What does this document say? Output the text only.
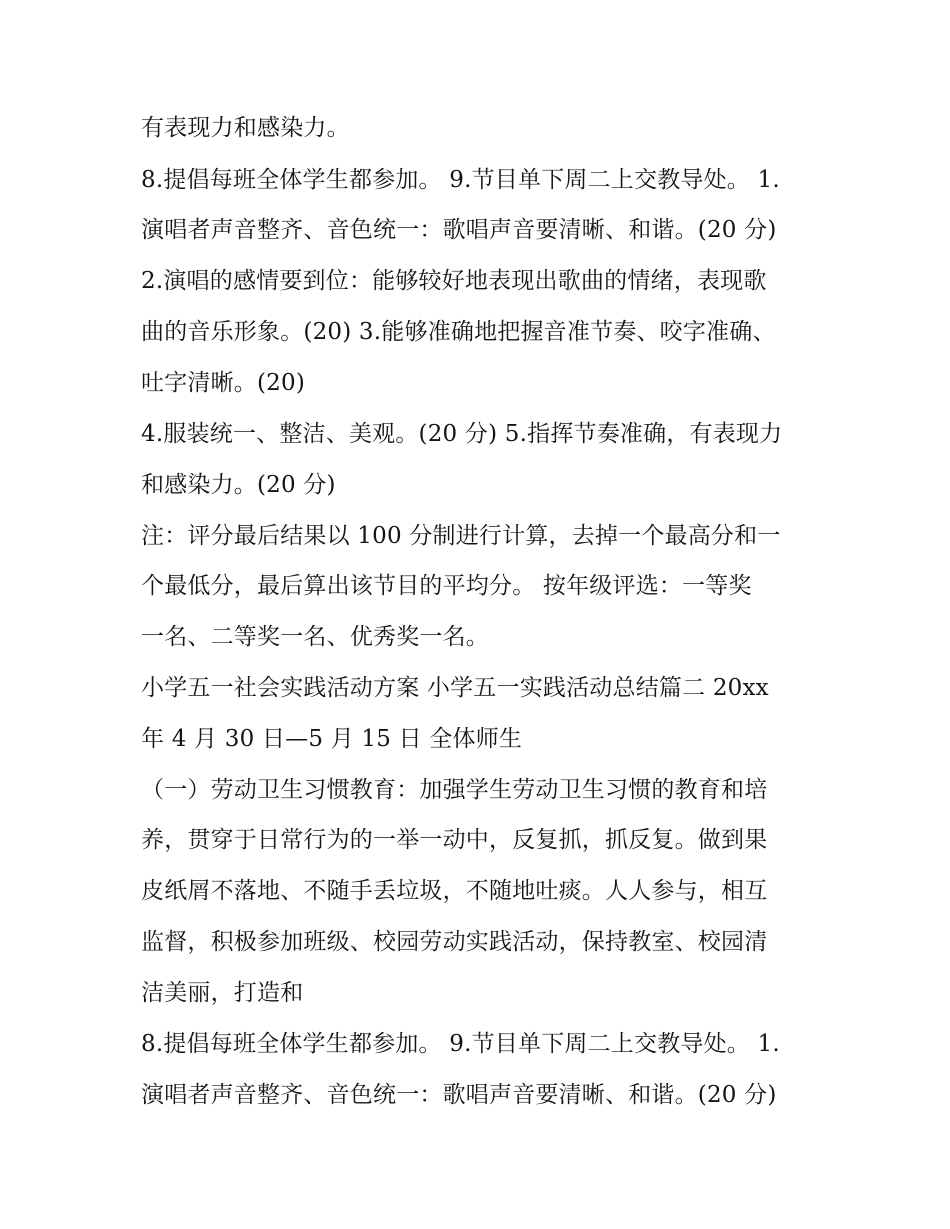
有表现力和感染力。
8.提倡每班全体学生都参加。 9.节目单下周二上交教导处。 1.
演唱者声音整齐、音色统一：歌唱声音要清晰、和谐。(20 分)
2.演唱的感情要到位：能够较好地表现出歌曲的情绪，表现歌
曲的音乐形象。(20) 3.能够准确地把握音准节奏、咬字准确、
吐字清晰。(20)
4.服装统一、整洁、美观。(20 分) 5.指挥节奏准确，有表现力
和感染力。(20 分)
注：评分最后结果以 100 分制进行计算，去掉一个最高分和一
个最低分，最后算出该节目的平均分。 按年级评选：一等奖
一名、二等奖一名、优秀奖一名。
小学五一社会实践活动方案 小学五一实践活动总结篇二 20xx
年 4 月 30 日—5 月 15 日 全体师生
（一）劳动卫生习惯教育：加强学生劳动卫生习惯的教育和培
养，贯穿于日常行为的一举一动中，反复抓，抓反复。做到果
皮纸屑不落地、不随手丢垃圾，不随地吐痰。人人参与，相互
监督，积极参加班级、校园劳动实践活动，保持教室、校园清
洁美丽，打造和
8.提倡每班全体学生都参加。 9.节目单下周二上交教导处。 1.
演唱者声音整齐、音色统一：歌唱声音要清晰、和谐。(20 分)
